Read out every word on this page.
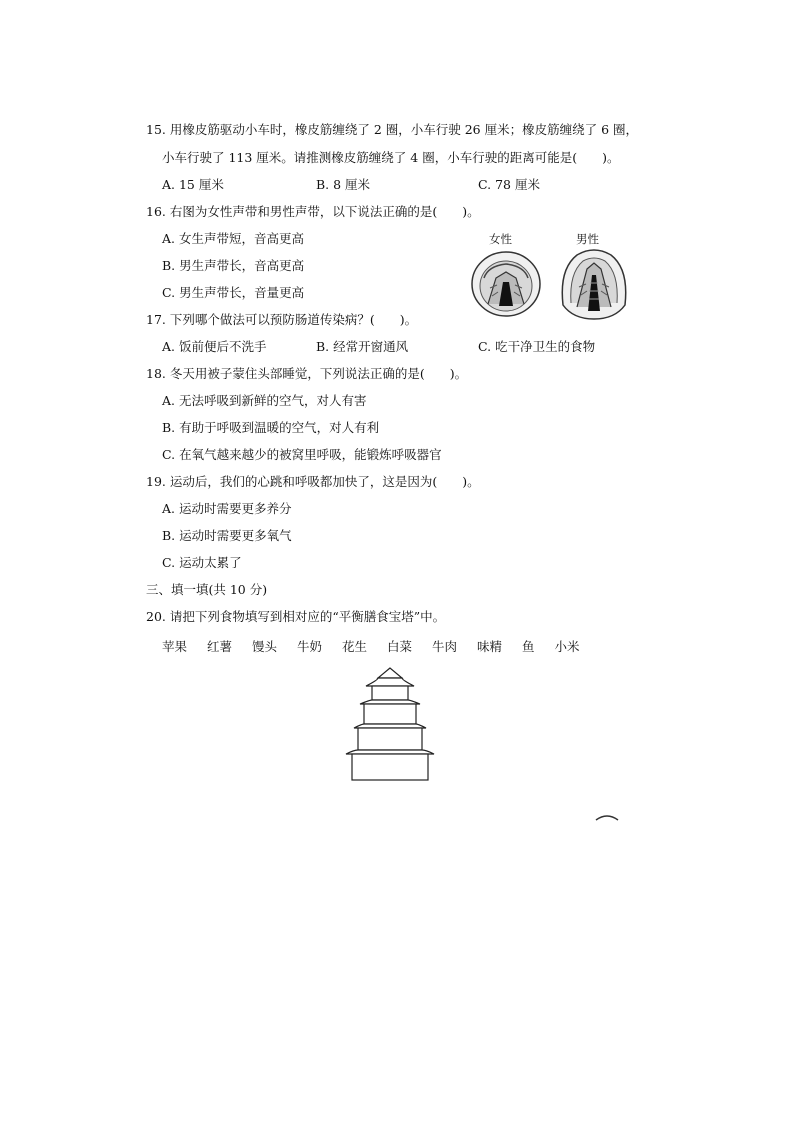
15. 用橡皮筋驱动小车时，橡皮筋缠绕了 2 圈，小车行驶 26 厘米；橡皮筋缠绕了 6 圈，
小车行驶了 113 厘米。请推测橡皮筋缠绕了 4 圈，小车行驶的距离可能是(　　)。
A. 15 厘米	B. 8 厘米	C. 78 厘米
16. 右图为女性声带和男性声带，以下说法正确的是(　　)。
A. 女生声带短，音高更高
B. 男生声带长，音高更高
C. 男生声带长，音量更高
女性	男性
17. 下列哪个做法可以预防肠道传染病？(　　)。
A. 饭前便后不洗手	B. 经常开窗通风	C. 吃干净卫生的食物
18. 冬天用被子蒙住头部睡觉，下列说法正确的是(　　)。
A. 无法呼吸到新鲜的空气，对人有害
B. 有助于呼吸到温暖的空气，对人有利
C. 在氧气越来越少的被窝里呼吸，能锻炼呼吸器官
19. 运动后，我们的心跳和呼吸都加快了，这是因为(　　)。
A. 运动时需要更多养分
B. 运动时需要更多氧气
C. 运动太累了
三、填一填(共 10 分)
20. 请把下列食物填写到相对应的“平衡膳食宝塔”中。
苹果 红薯 馒头 牛奶 花生 白菜 牛肉 味精 鱼 小米
